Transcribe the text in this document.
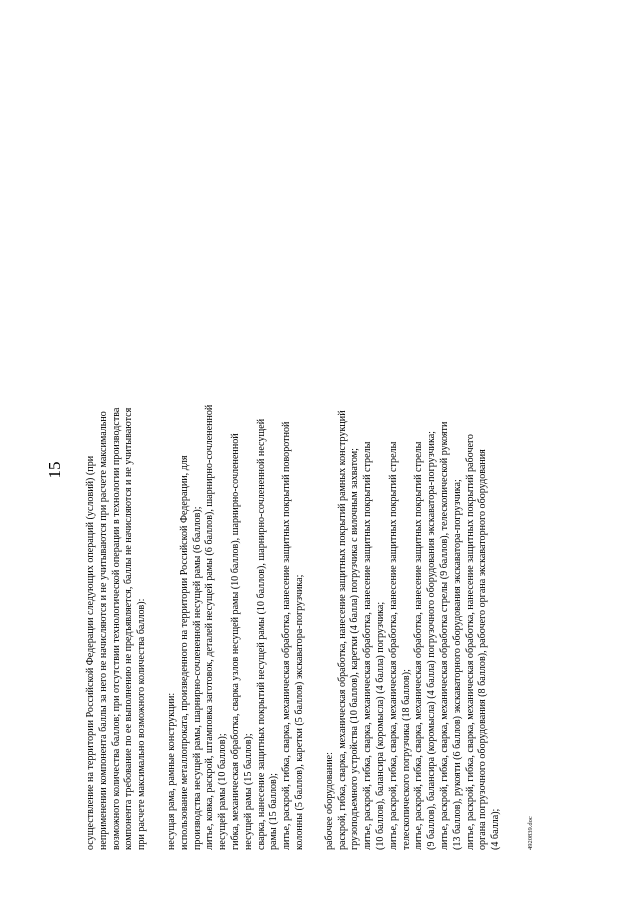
15 осуществление на территории Российской Федерации следующих операций (условий) (при неприменении компонента баллы за него не начисляются и не учитываются при расчете максимально возможного количества баллов; при отсутствии технологической операции в технологии производства компонента требование по ее выполнению не предъявляется, баллы не начисляются и не учитываются при расчете максимально возможного количества баллов): несущая рама, рамные конструкции: использование металлопроката, произведенного на территории Российской Федерации, для производства несущей рамы, шарнирно-сочлененной несущей рамы (6 баллов); литье, ковка, раскрой, штамповка заготовок, деталей несущей рамы (6 баллов), шарнирно-сочлененной несущей рамы (10 баллов); гибка, механическая обработка, сварка узлов несущей рамы (10 баллов), шарнирно-сочлененной несущей рамы (15 баллов); сварка, нанесение защитных покрытий несущей рамы (10 баллов), шарнирно-сочлененной несущей рамы (15 баллов); литье, раскрой, гибка, сварка, механическая обработка, нанесение защитных покрытий поворотной колонны (5 баллов), каретки (5 баллов) экскаватора-погрузчика; рабочее оборудование: раскрой, гибка, сварка, механическая обработка, нанесение защитных покрытий рамных конструкций грузоподъемного устройства (10 баллов), каретки (4 балла) погрузчика с вилочным захватом; литье, раскрой, гибка, сварка, механическая обработка, нанесение защитных покрытий стрелы (10 баллов), балансира (коромысла) (4 балла) погрузчика; литье, раскрой, гибка, сварка, механическая обработка, нанесение защитных покрытий стрелы телескопического погрузчика (18 баллов); литье, раскрой, гибка, сварка, механическая обработка, нанесение защитных покрытий стрелы (9 баллов), балансира (коромысла) (4 балла) погрузочного оборудования экскаватора-погрузчика; литье, раскрой, гибка, сварка, механическая обработка стрелы (9 баллов), телескопической рукояти (13 баллов), рукояти (6 баллов) экскаваторного оборудования экскаватора-погрузчика; литье, раскрой, гибка, сварка, механическая обработка, нанесение защитных покрытий рабочего органа погрузочного оборудования (8 баллов), рабочего органа экскаваторного оборудования (4 балла);	4920839.doc
